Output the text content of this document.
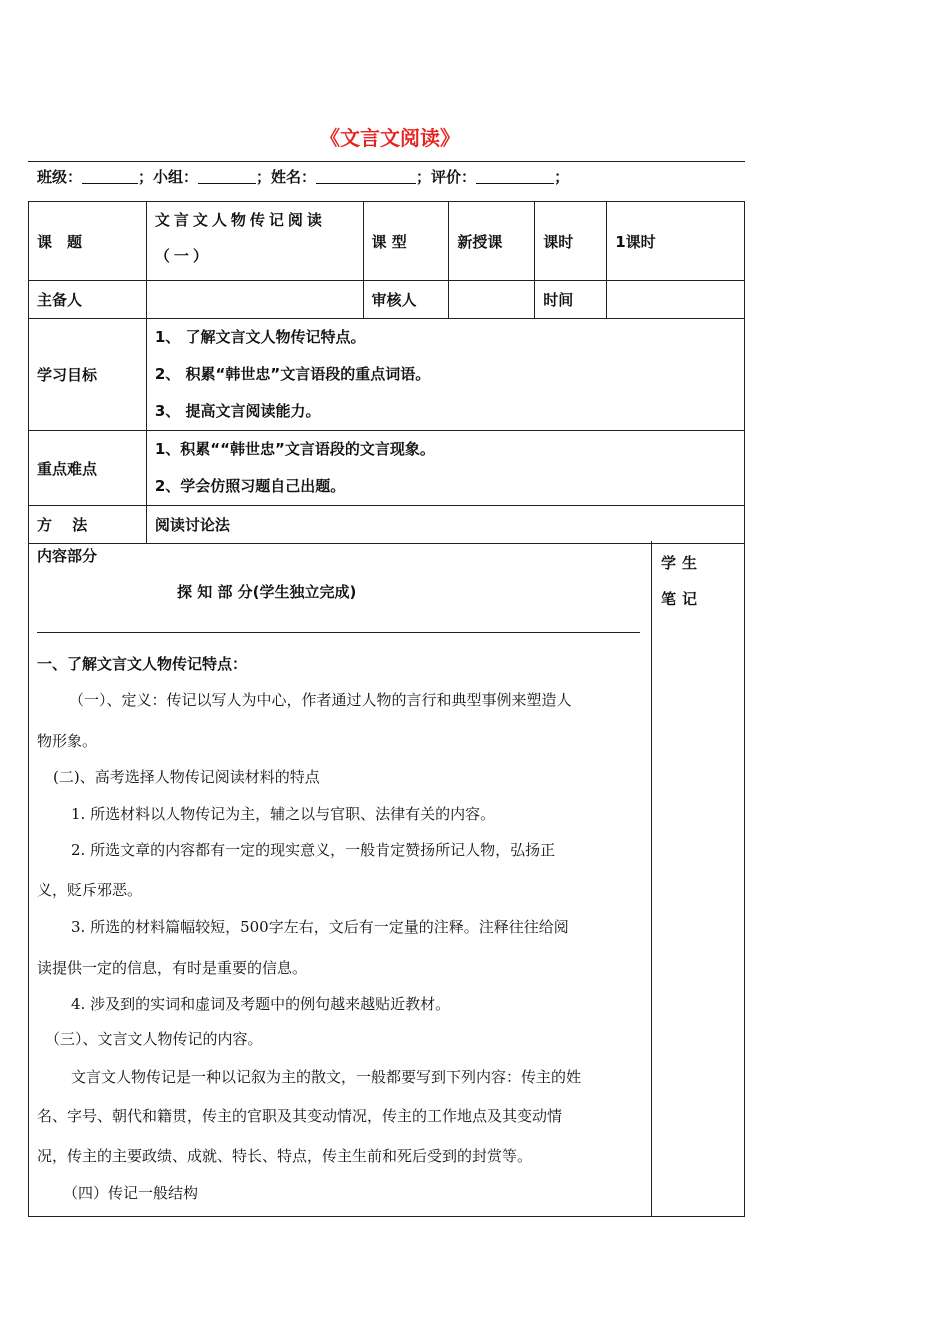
《文言文阅读》
班级：	；小组：	；姓名：	；评价：	；
课　题	文言文人物传记阅读（一）	课 型	新授课	课时	1课时
主备人		审核人		时间	
学习目标	1、 了解文言文人物传记特点。

2、 积累“韩世忠”文言语段的重点词语。

3、 提高文言阅读能力。				

重点难点	1、积累““韩世忠”文言语段的文言现象。

2、学会仿照习题自己出题。				

方　 法	阅读讨论法				
内容部分	学生笔记
探 知 部 分(学生独立完成)
一、了解文言文人物传记特点：
（一）、定义：传记以写人为中心，作者通过人物的言行和典型事例来塑造人
物形象。
(二)、高考选择人物传记阅读材料的特点
1. 所选材料以人物传记为主，辅之以与官职、法律有关的内容。
2. 所选文章的内容都有一定的现实意义，一般肯定赞扬所记人物，弘扬正
义，贬斥邪恶。
3. 所选的材料篇幅较短，500字左右，文后有一定量的注释。注释往往给阅
读提供一定的信息，有时是重要的信息。
4. 涉及到的实词和虚词及考题中的例句越来越贴近教材。
（三）、文言文人物传记的内容。
文言文人物传记是一种以记叙为主的散文，一般都要写到下列内容：传主的姓
名、字号、朝代和籍贯，传主的官职及其变动情况，传主的工作地点及其变动情
况，传主的主要政绩、成就、特长、特点，传主生前和死后受到的封赏等。
（四）传记一般结构
